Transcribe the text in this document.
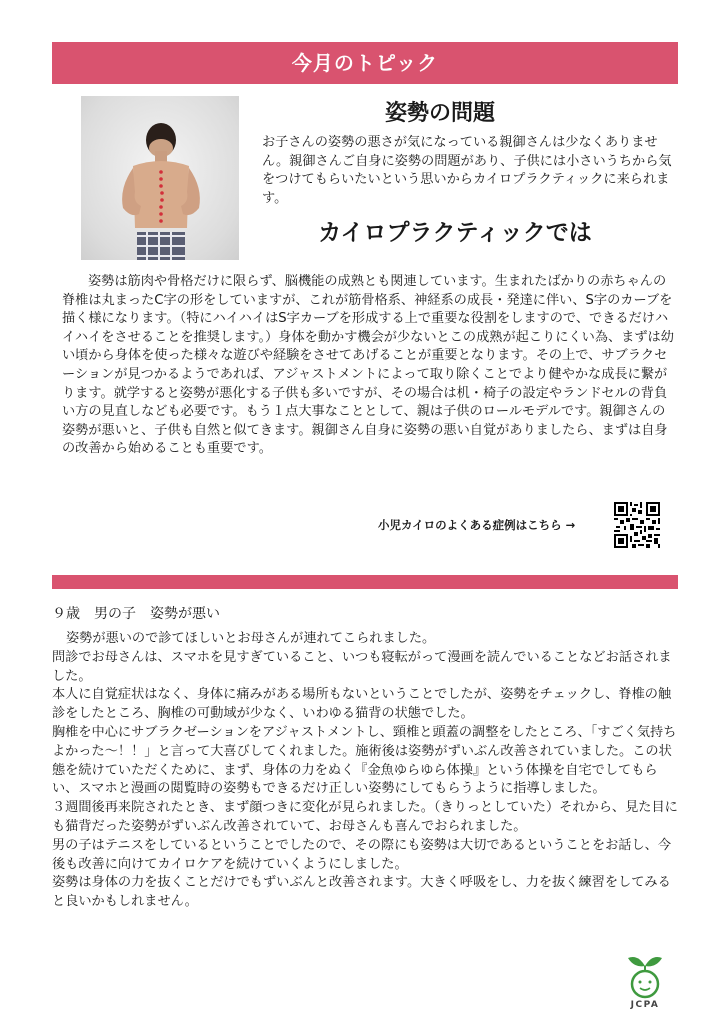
今月のトピック
姿勢の問題

お子さんの姿勢の悪さが気になっている親御さんは少なくありません。親御さんご自身に姿勢の問題があり、子供には小さいうちから気をつけてもらいたいという思いからカイロプラクティックに来られます。

カイロプラクティックでは

姿勢は筋肉や骨格だけに限らず、脳機能の成熟とも関連しています。生まれたばかりの赤ちゃんの脊椎は丸まったC字の形をしていますが、これが筋骨格系、神経系の成長・発達に伴い、S字のカーブを描く様になります。（特にハイハイはS字カーブを形成する上で重要な役割をしますので、できるだけハイハイをさせることを推奨します。）身体を動かす機会が少ないとこの成熟が起こりにくい為、まずは幼い頃から身体を使った様々な遊びや経験をさせてあげることが重要となります。その上で、サブラクセーションが見つかるようであれば、アジャストメントによって取り除くことでより健やかな成長に繋がります。就学すると姿勢が悪化する子供も多いですが、その場合は机・椅子の設定やランドセルの背負い方の見直しなども必要です。もう１点大事なこととして、親は子供のロールモデルです。親御さんの姿勢が悪いと、子供も自然と似てきます。親御さん自身に姿勢の悪い自覚がありましたら、まずは自身の改善から始めることも重要です。

小児カイロのよくある症例はこちら →
９歳　男の子　姿勢が悪い

姿勢が悪いので診てほしいとお母さんが連れてこられました。

問診でお母さんは、スマホを見すぎていること、いつも寝転がって漫画を読んでいることなどお話されました。

本人に自覚症状はなく、身体に痛みがある場所もないということでしたが、姿勢をチェックし、脊椎の触診をしたところ、胸椎の可動域が少なく、いわゆる猫背の状態でした。

胸椎を中心にサブラクゼーションをアジャストメントし、頸椎と頭蓋の調整をしたところ、「すごく気持ちよかった〜！！」と言って大喜びしてくれました。施術後は姿勢がずいぶん改善されていました。この状態を続けていただくために、まず、身体の力をぬく『金魚ゆらゆら体操』という体操を自宅でしてもらい、スマホと漫画の閲覧時の姿勢もできるだけ正しい姿勢にしてもらうように指導しました。

３週間後再来院されたとき、まず顔つきに変化が見られました。（きりっとしていた）それから、見た目にも猫背だった姿勢がずいぶん改善されていて、お母さんも喜んでおられました。

男の子はテニスをしているということでしたので、その際にも姿勢は大切であるということをお話し、今後も改善に向けてカイロケアを続けていくようにしました。

姿勢は身体の力を抜くことだけでもずいぶんと改善されます。大きく呼吸をし、力を抜く練習をしてみると良いかもしれません。

JCPA
